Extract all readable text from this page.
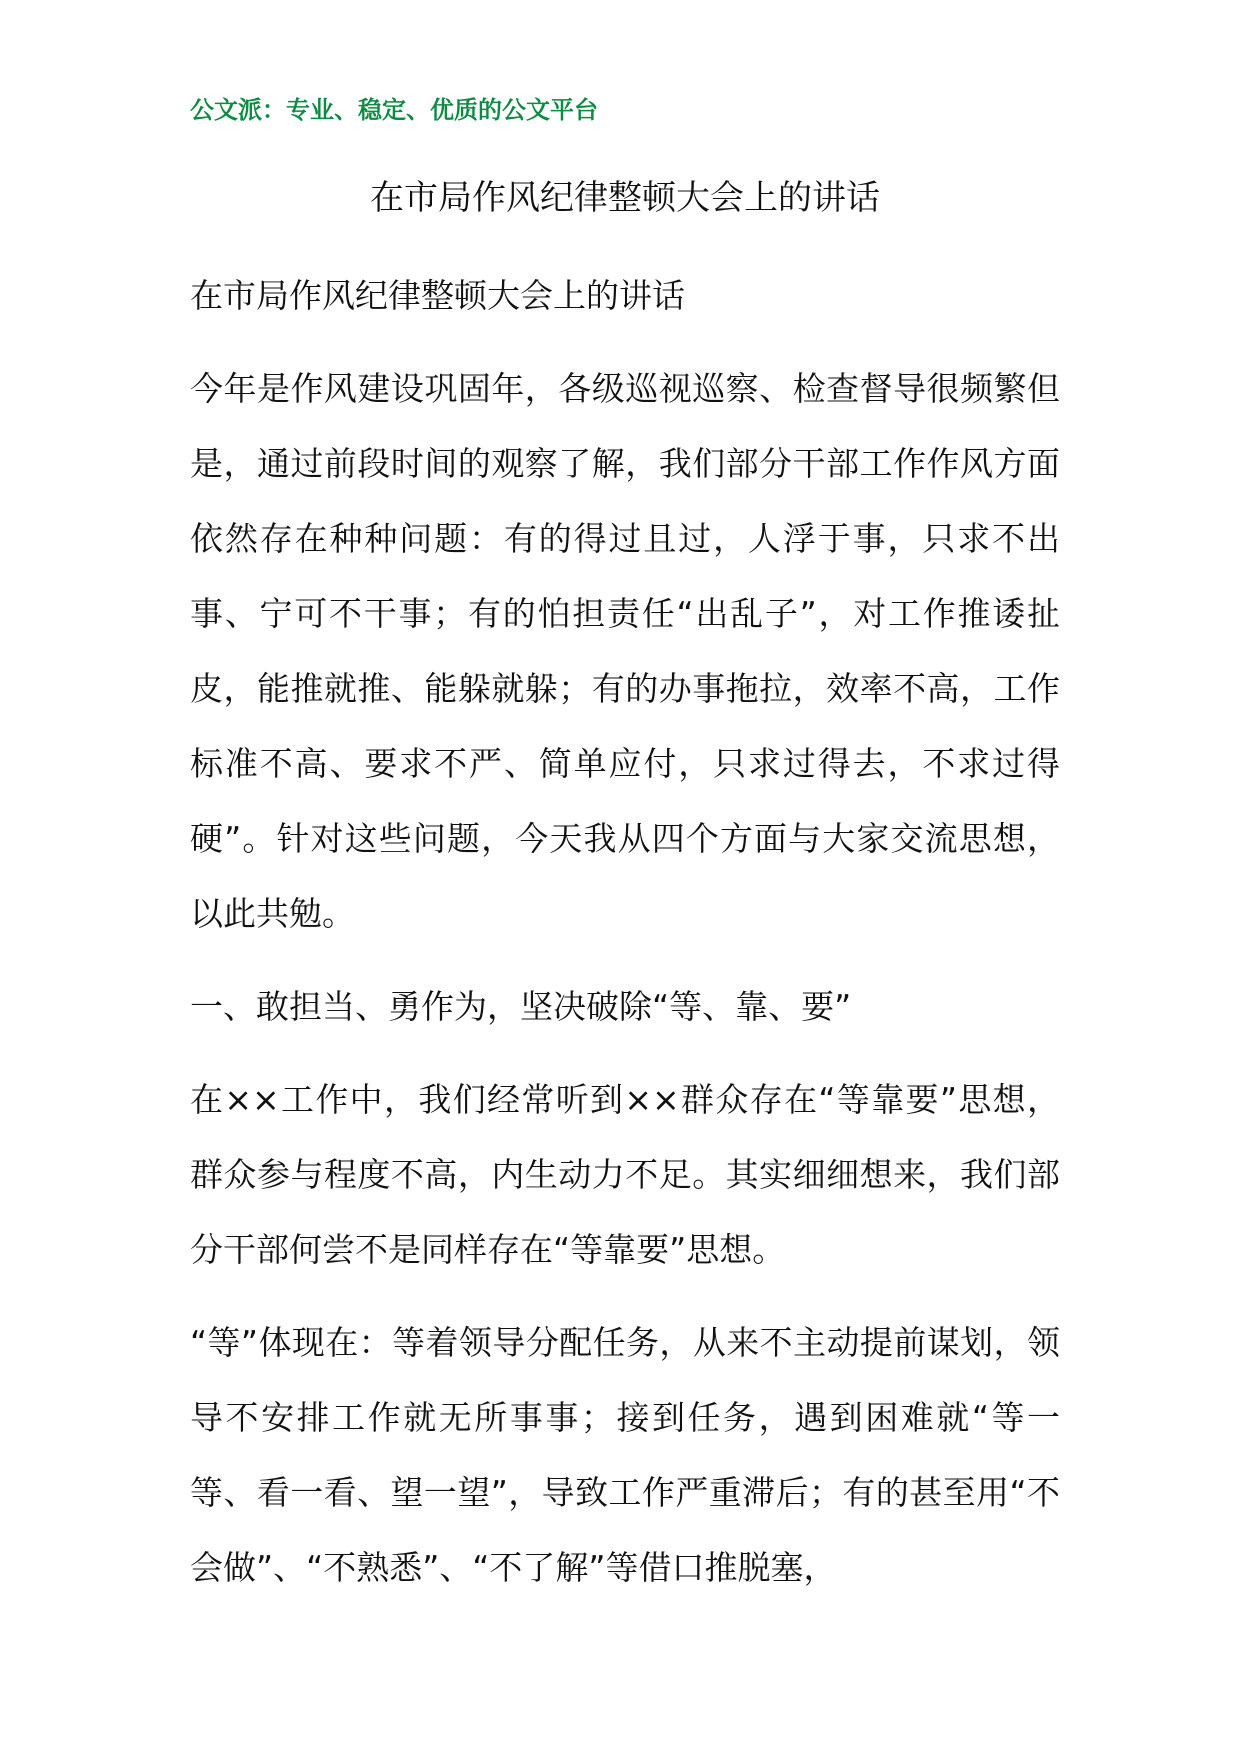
公文派：专业、稳定、优质的公文平台
在市局作风纪律整顿大会上的讲话

在市局作风纪律整顿大会上的讲话

今年是作风建设巩固年，各级巡视巡察、检查督导很频繁但是，通过前段时间的观察了解，我们部分干部工作作风方面依然存在种种问题：有的得过且过，人浮于事，只求不出事、宁可不干事；有的怕担责任“出乱子”，对工作推诿扯皮，能推就推、能躲就躲；有的办事拖拉，效率不高，工作标准不高、要求不严、简单应付，只求过得去，不求过得硬”。针对这些问题，今天我从四个方面与大家交流思想，以此共勉。

一、敢担当、勇作为，坚决破除“等、靠、要”

在××工作中，我们经常听到××群众存在“等靠要”思想，群众参与程度不高，内生动力不足。其实细细想来，我们部分干部何尝不是同样存在“等靠要”思想。

“等”体现在：等着领导分配任务，从来不主动提前谋划，领导不安排工作就无所事事；接到任务，遇到困难就“等一等、看一看、望一望”，导致工作严重滞后；有的甚至用“不会做”、“不熟悉”、“不了解”等借口推脱塞，
